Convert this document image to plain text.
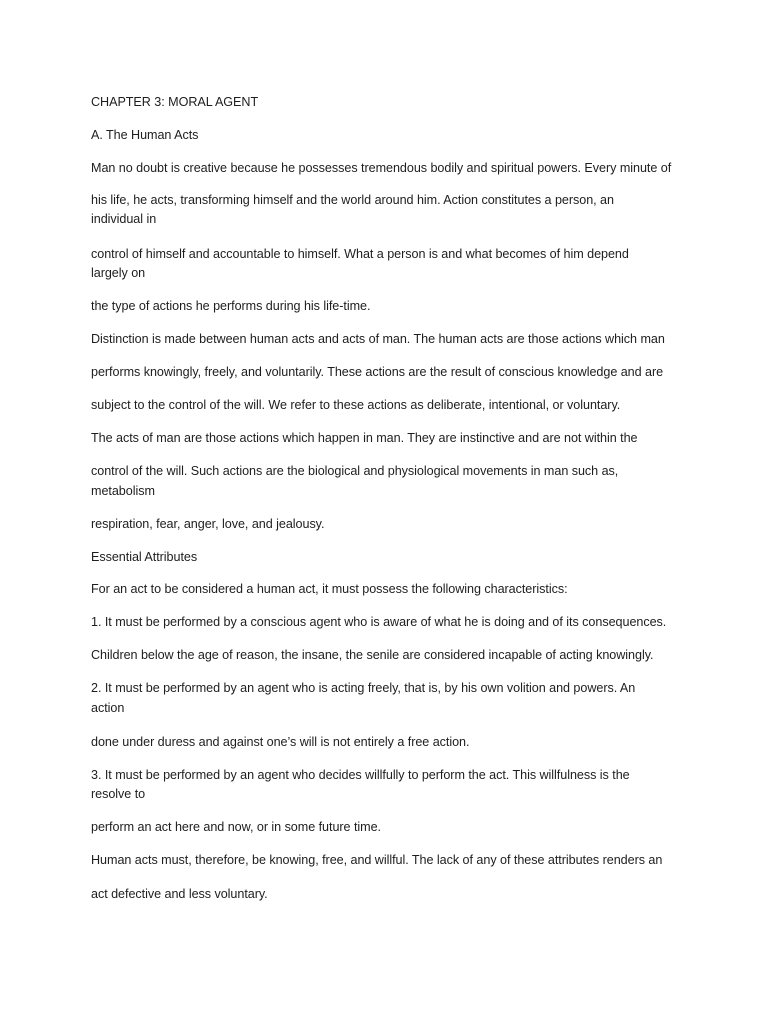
CHAPTER 3: MORAL AGENT

A. The Human Acts

Man no doubt is creative because he possesses tremendous bodily and spiritual powers. Every minute of

his life, he acts, transforming himself and the world around him. Action constitutes a person, an

individual in

control of himself and accountable to himself. What a person is and what becomes of him depend

largely on

the type of actions he performs during his life-time.

Distinction is made between human acts and acts of man. The human acts are those actions which man

performs knowingly, freely, and voluntarily. These actions are the result of conscious knowledge and are

subject to the control of the will. We refer to these actions as deliberate, intentional, or voluntary.

The acts of man are those actions which happen in man. They are instinctive and are not within the

control of the will. Such actions are the biological and physiological movements in man such as,

metabolism

respiration, fear, anger, love, and jealousy.

Essential Attributes

For an act to be considered a human act, it must possess the following characteristics:

1. It must be performed by a conscious agent who is aware of what he is doing and of its consequences.

Children below the age of reason, the insane, the senile are considered incapable of acting knowingly.

2. It must be performed by an agent who is acting freely, that is, by his own volition and powers. An

action

done under duress and against one’s will is not entirely a free action.

3. It must be performed by an agent who decides willfully to perform the act. This willfulness is the

resolve to

perform an act here and now, or in some future time.

Human acts must, therefore, be knowing, free, and willful. The lack of any of these attributes renders an

act defective and less voluntary.
